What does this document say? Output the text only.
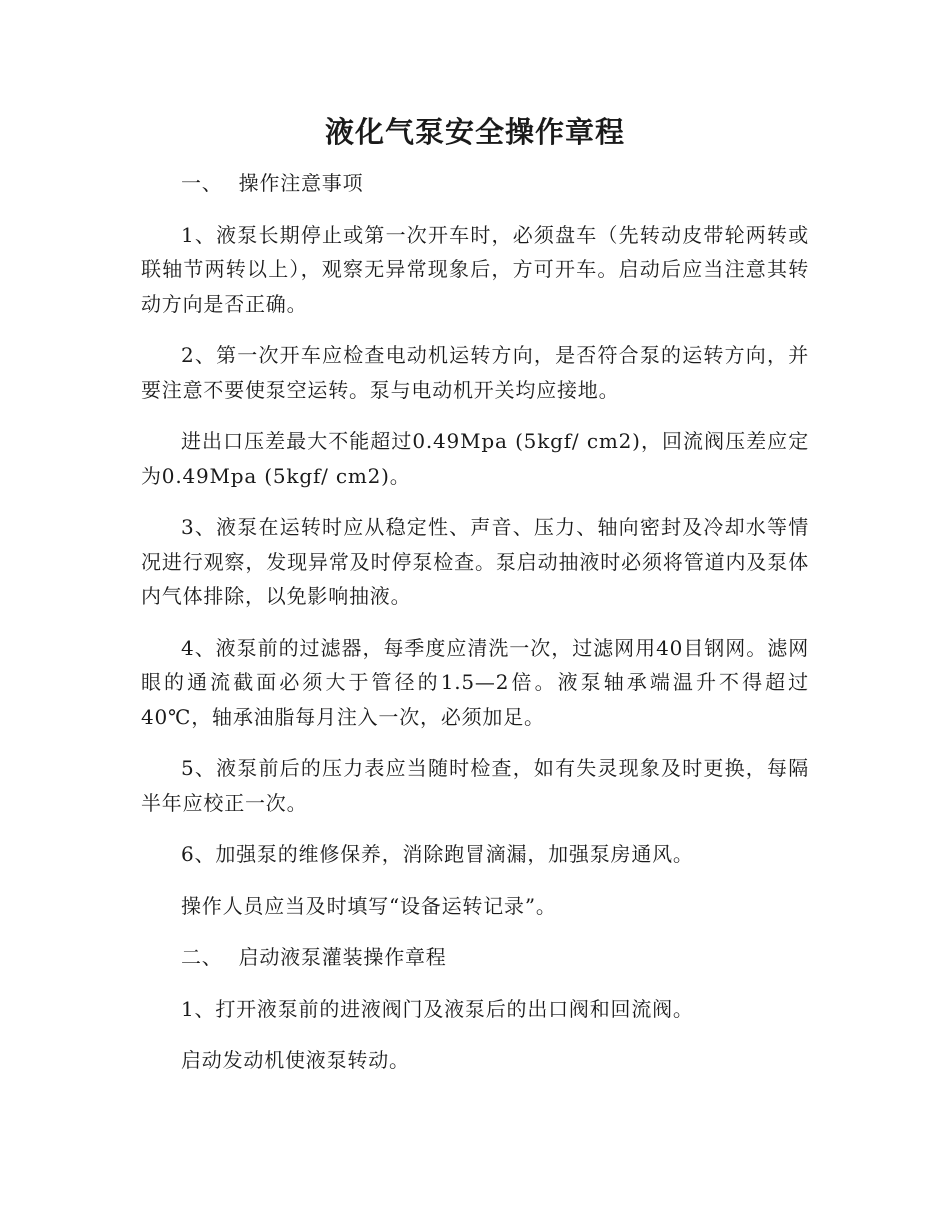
液化气泵安全操作章程

一、 操作注意事项

1、液泵长期停止或第一次开车时，必须盘车（先转动皮带轮两转或联轴节两转以上），观察无异常现象后，方可开车。启动后应当注意其转动方向是否正确。

2、第一次开车应检查电动机运转方向，是否符合泵的运转方向，并要注意不要使泵空运转。泵与电动机开关均应接地。

进出口压差最大不能超过0.49Mpa (5kgf/ cm2)，回流阀压差应定为0.49Mpa (5kgf/ cm2)。

3、液泵在运转时应从稳定性、声音、压力、轴向密封及冷却水等情况进行观察，发现异常及时停泵检查。泵启动抽液时必须将管道内及泵体内气体排除，以免影响抽液。

4、液泵前的过滤器，每季度应清洗一次，过滤网用40目钢网。滤网眼的通流截面必须大于管径的1.5—2倍。液泵轴承端温升不得超过40℃，轴承油脂每月注入一次，必须加足。

5、液泵前后的压力表应当随时检查，如有失灵现象及时更换，每隔半年应校正一次。

6、加强泵的维修保养，消除跑冒滴漏，加强泵房通风。

操作人员应当及时填写“设备运转记录”。

二、 启动液泵灌装操作章程

1、打开液泵前的进液阀门及液泵后的出口阀和回流阀。

启动发动机使液泵转动。
